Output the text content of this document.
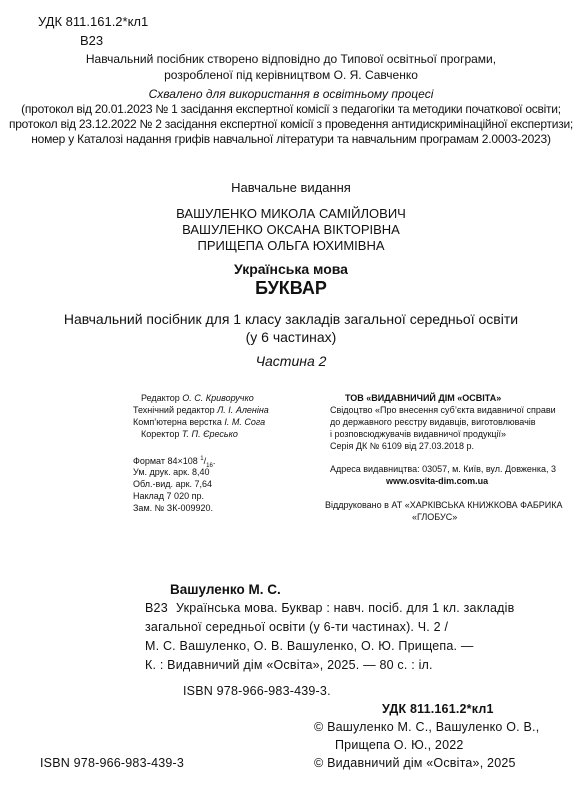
УДК 811.161.2*кл1
В23
Навчальний посібник створено відповідно до Типової освітньої програми,
розробленої під керівництвом О. Я. Савченко
Схвалено для використання в освітньому процесі
(протокол від 20.01.2023 № 1 засідання експертної комісії з педагогіки та методики початкової освіти;
протокол від 23.12.2022 № 2 засідання експертної комісії з проведення антидискримінаційної експертизи;
номер у Каталозі надання грифів навчальної літератури та навчальним програмам 2.0003-2023)
Навчальне видання
ВАШУЛЕНКО МИКОЛА САМІЙЛОВИЧ
ВАШУЛЕНКО ОКСАНА ВІКТОРІВНА
ПРИЩЕПА ОЛЬГА ЮХИМІВНА
Українська мова
БУКВАР
Навчальний посібник для 1 класу закладів загальної середньої освіти
(у 6 частинах)
Частина 2
Редактор О. С. Криворучко
Технічний редактор Л. І. Аленіна
Комп’ютерна верстка І. М. Сога
Коректор Т. П. Єресько
Формат 84×108 $^1/_{16}$.
Ум. друк. арк. 8,40
Обл.-вид. арк. 7,64
Наклад 7 020 пр.
Зам. № ЗК-009920.
ТОВ «ВИДАВНИЧИЙ ДІМ «ОСВІТА»
Свідоцтво «Про внесення суб’єкта видавничої справи
до державного реєстру видавців, виготовлювачів
і розповсюджувачів видавничої продукції»
Серія ДК № 6109 від 27.03.2018 р.
Адреса видавництва: 03057, м. Київ, вул. Довженка, 3
www.osvita-dim.com.ua
Віддруковано в АТ «ХАРКІВСЬКА КНИЖКОВА ФАБРИКА
«ГЛОБУС»
Вашуленко М. С.
В23 Українська мова. Буквар : навч. посіб. для 1 кл. закладів
загальної середньої освіти (у 6-ти частинах). Ч. 2 /
М. С. Вашуленко, О. В. Вашуленко, О. Ю. Прищепа. —
К. : Видавничий дім «Освіта», 2025. — 80 с. : іл.
ISBN 978-966-983-439-3.
УДК 811.161.2*кл1
ISBN 978-966-983-439-3
© Вашуленко М. С., Вашуленко О. В.,
Прищепа О. Ю., 2022
© Видавничий дім «Освіта», 2025
